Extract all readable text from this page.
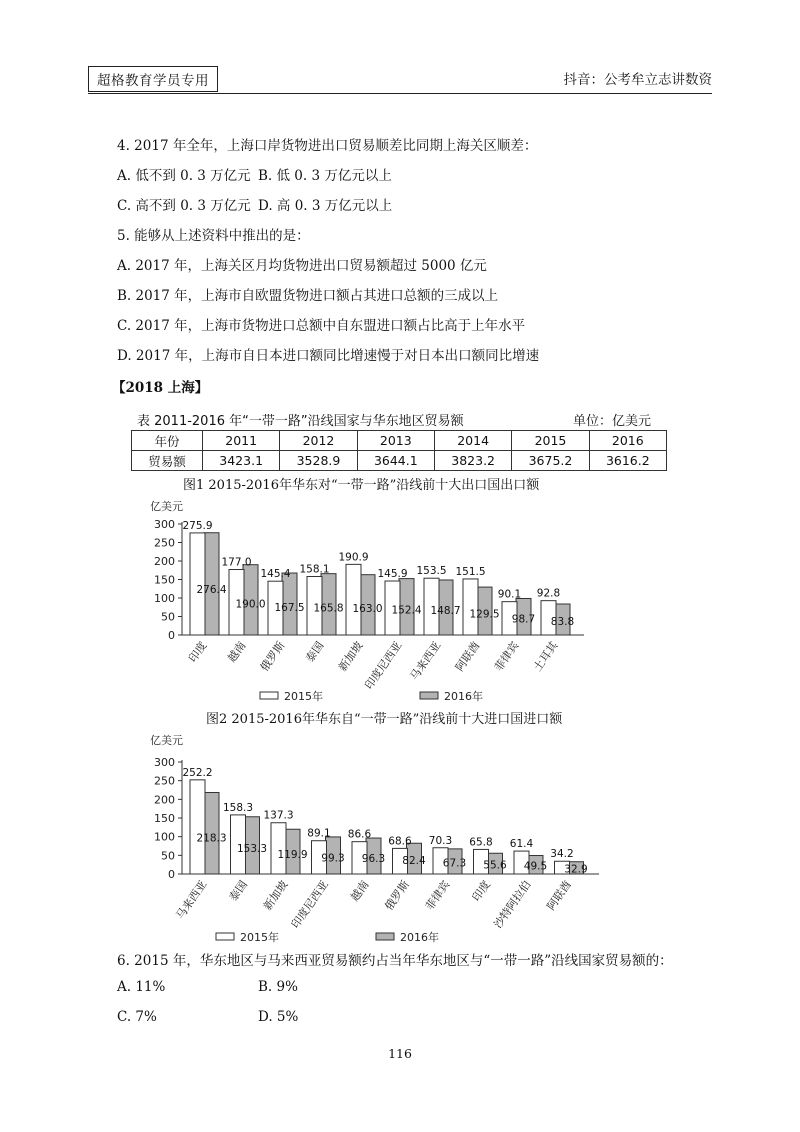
超格教育学员专用	抖音：公考牟立志讲数资
4. 2017 年全年，上海口岸货物进出口贸易顺差比同期上海关区顺差：
A. 低不到 0. 3 万亿元 B. 低 0. 3 万亿元以上
C. 高不到 0. 3 万亿元 D. 高 0. 3 万亿元以上
5. 能够从上述资料中推出的是：
A. 2017 年，上海关区月均货物进出口贸易额超过 5000 亿元
B. 2017 年，上海市自欧盟货物进口额占其进口总额的三成以上
C. 2017 年，上海市货物进口总额中自东盟进口额占比高于上年水平
D. 2017 年，上海市自日本进口额同比增速慢于对日本出口额同比增速
【2018 上海】
表 2011-2016 年“一带一路”沿线国家与华东地区贸易额	单位：亿美元
年份	2011	2012	2013	2014	2015	2016
贸易额	3423.1	3528.9	3644.1	3823.2	3675.2	3616.2
图1 2015-2016年华东对“一带一路”沿线前十大出口国出口额
亿美元
0
50
100
150
200
250
300 275.9
276.4
印度
177.0
190.0
越南
145.4
167.5
俄罗斯
158.1
165.8
泰国
190.9
163.0
新加坡
145.9
152.4
印度尼西亚
153.5
148.7
马来西亚
151.5
129.5
阿联酋
90.1
98.7
菲律宾
92.8
83.8
土耳其
2015年	2016年
图2 2015-2016年华东自“一带一路”沿线前十大进口国进口额
亿美元
0
50
100
150
200
250
300
252.2
218.3
马来西亚
158.3
153.3
泰国
137.3
119.9
新加坡
89.1
99.3
印度尼西亚
86.6
96.3
越南
68.6
82.4
俄罗斯
70.3
67.3
菲律宾
65.8
55.6
印度
61.4
49.5
沙特阿拉伯
34.2
32.9
阿联酋
2015年	2016年
6. 2015 年，华东地区与马来西亚贸易额约占当年华东地区与“一带一路”沿线国家贸易额的：
A. 11%	B. 9%
C. 7%	D. 5%
116
